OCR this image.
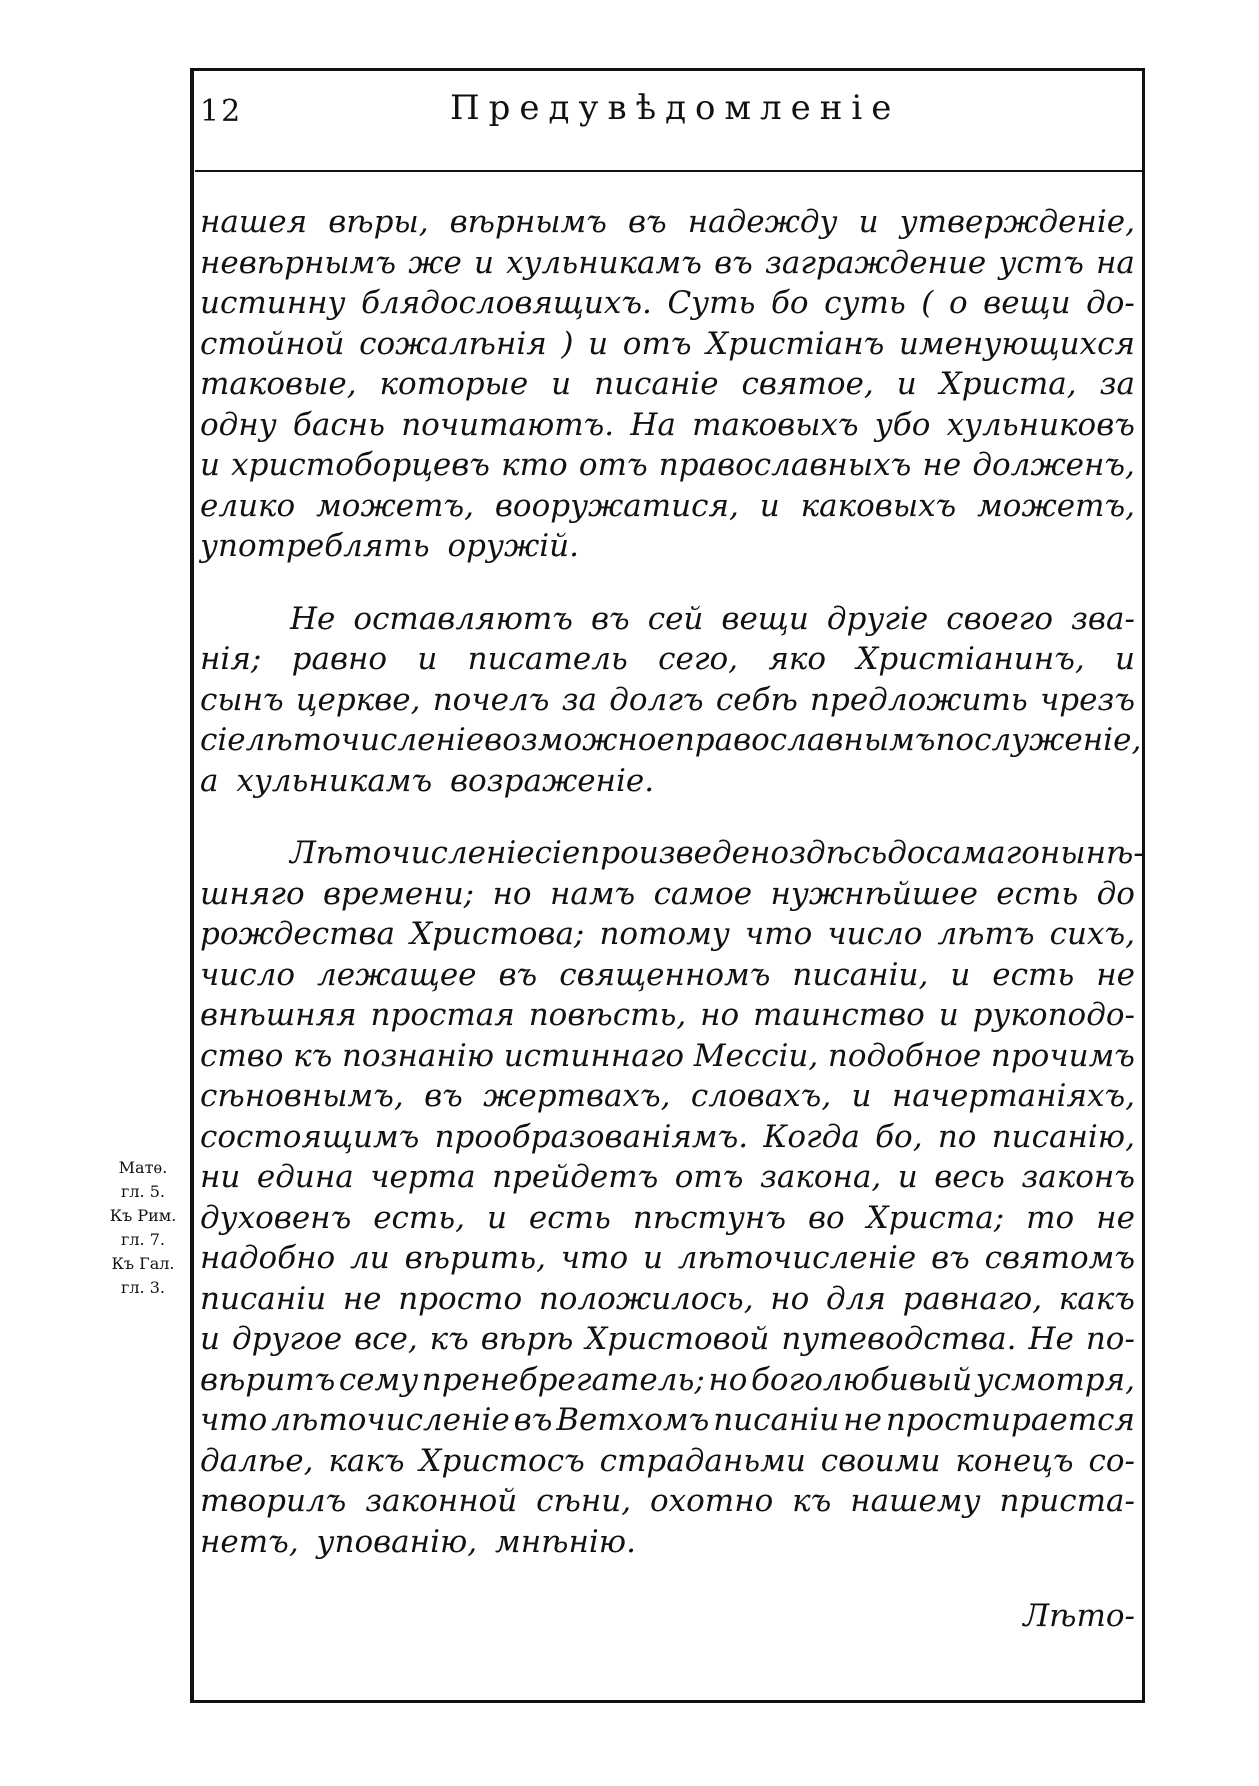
12	Предувѣдомленіе
Матѳ.
гл. 5.
Къ Рим.
гл. 7.
Къ Гал.
гл. 3.
нашея вѣры, вѣрнымъ въ надежду и утвержденіе,
невѣрнымъ же и хульникамъ въ заграждение устъ на
истинну блядословящихъ. Суть бо суть ( о вещи до-
стойной сожалѣнія ) и отъ Христіанъ именующихся
таковые, которые и писаніе святое, и Христа, за
одну баснь почитаютъ. На таковыхъ убо хульниковъ
и христоборцевъ кто отъ православныхъ не долженъ,
елико можетъ, вооружатися, и каковыхъ можетъ,
употреблять оружій.
Не оставляютъ въ сей вещи другіе своего зва-
нія; равно и писатель сего, яко Христіанинъ, и
сынъ церкве, почелъ за долгъ себѣ предложить чрезъ
сіе лѣточисленіе возможное православнымъ послуженіе,
а хульникамъ возраженіе.
Лѣточисленіе сіе произведено здѣсь до самаго нынѣ-
шняго времени; но намъ самое нужнѣйшее есть до
рождества Христова; потому что число лѣтъ сихъ,
число лежащее въ священномъ писаніи, и есть не
внѣшняя простая повѣсть, но таинство и рукоподо-
ство къ познанію истиннаго Мессіи, подобное прочимъ
сѣновнымъ, въ жертвахъ, словахъ, и начертаніяхъ,
состоящимъ прообразованіямъ. Когда бо, по писанію,
ни едина черта прейдетъ отъ закона, и весь законъ
духовенъ есть, и есть пѣстунъ во Христа; то не
надобно ли вѣрить, что и лѣточисленіе въ святомъ
писаніи не просто положилось, но для равнаго, какъ
и другое все, къ вѣрѣ Христовой путеводства. Не по-
вѣритъ сему пренебрегатель; но боголюбивый усмотря,
что лѣточисленіе въ Ветхомъ писаніи не простирается
далѣе, какъ Христосъ страданьми своими конецъ со-
творилъ законной сѣни, охотно къ нашему приста-
нетъ, упованію, мнѣнію.
Лѣто-
